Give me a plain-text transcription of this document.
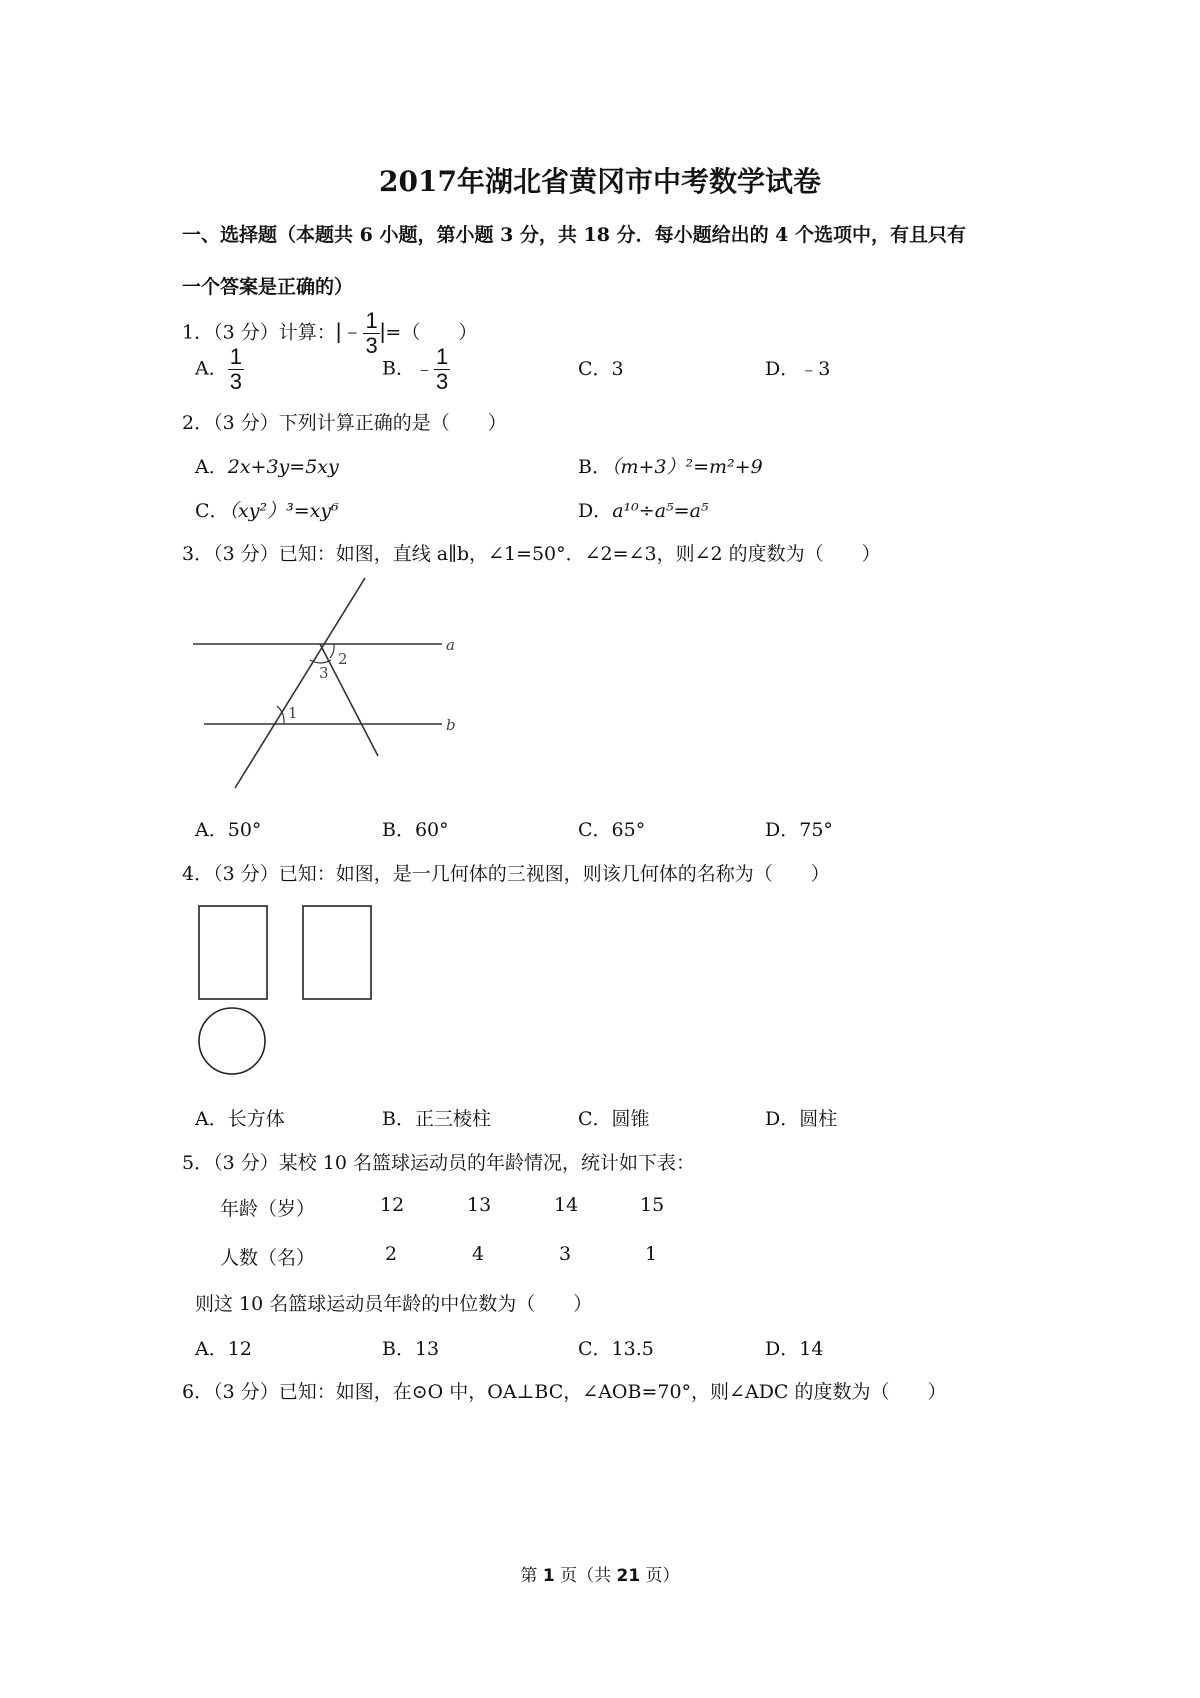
2017年湖北省黄冈市中考数学试卷
一、选择题（本题共 6 小题，第小题 3 分，共 18 分．每小题给出的 4 个选项中，有且只有
一个答案是正确的）
1．（3 分）计算：|﹣ $\frac{1}{3}$ |=（　　）
A． $\frac{1}{3}$	B．﹣ $\frac{1}{3}$	C．3	D．﹣3
2．（3 分）下列计算正确的是（　　）
A．2x+3y=5xy	B．（m+3）²=m²+9
C．（xy²）³=xy⁶	D．a¹⁰÷a⁵=a⁵
3．（3 分）已知：如图，直线 a∥b，∠1=50°．∠2=∠3，则∠2 的度数为（　　）
a
b
1
2
3
A．50°	B．60°	C．65°	D．75°
4．（3 分）已知：如图，是一几何体的三视图，则该几何体的名称为（　　）
A．长方体	B．正三棱柱	C．圆锥	D．圆柱
5．（3 分）某校 10 名篮球运动员的年龄情况，统计如下表：
年龄（岁）	12	13	14	15
人数（名）	2	4	3	1
则这 10 名篮球运动员年龄的中位数为（　　）
A．12	B．13	C．13.5	D．14
6．（3 分）已知：如图，在⊙O 中，OA⊥BC，∠AOB=70°，则∠ADC 的度数为（　　）
第 1 页（共 21 页）
